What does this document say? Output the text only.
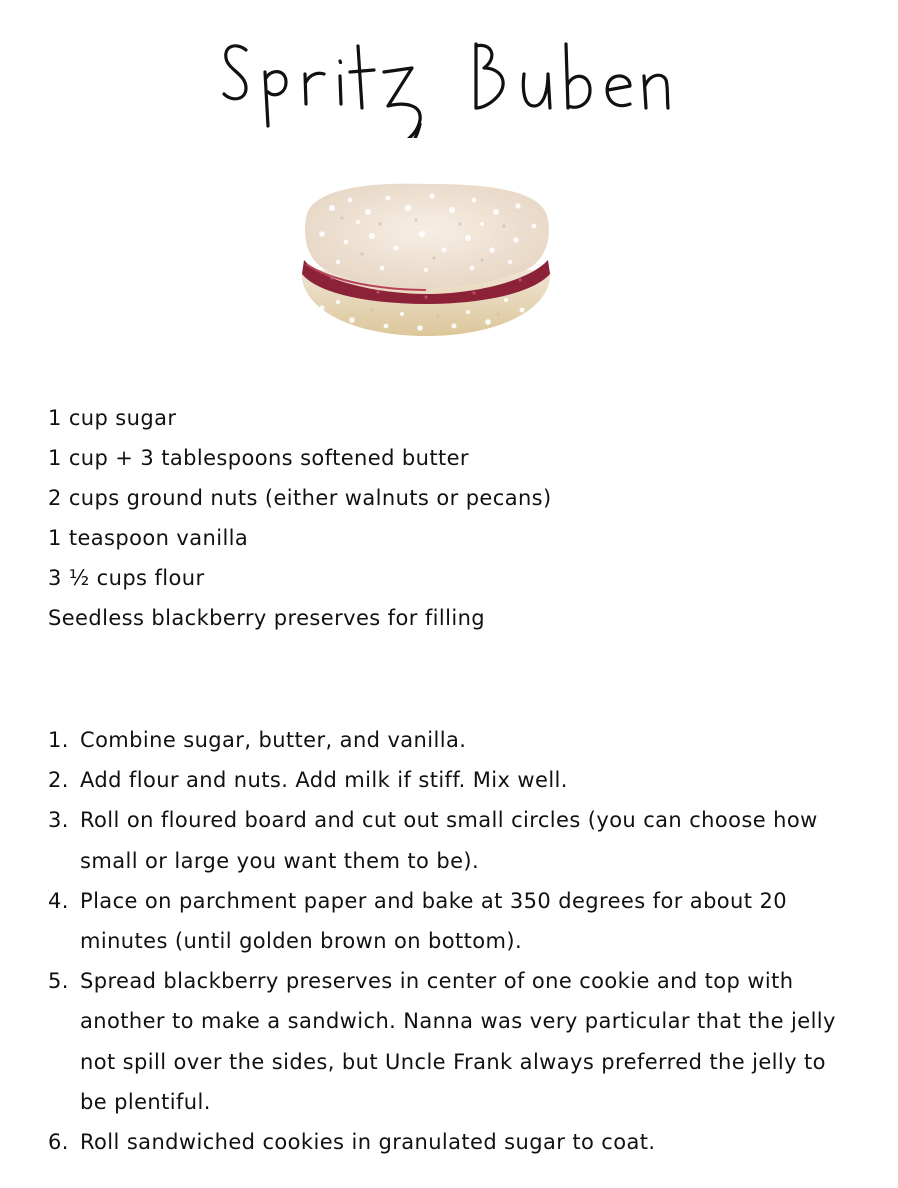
1 cup sugar
1 cup + 3 tablespoons softened butter
2 cups ground nuts (either walnuts or pecans)
1 teaspoon vanilla
3 ½ cups flour
Seedless blackberry preserves for filling
1. Combine sugar, butter, and vanilla.
2. Add flour and nuts. Add milk if stiff. Mix well.
3. Roll on floured board and cut out small circles (you can choose how small or large you want them to be).
4. Place on parchment paper and bake at 350 degrees for about 20 minutes (until golden brown on bottom).
5. Spread blackberry preserves in center of one cookie and top with another to make a sandwich. Nanna was very particular that the jelly not spill over the sides, but Uncle Frank always preferred the jelly to be plentiful.
6. Roll sandwiched cookies in granulated sugar to coat.
